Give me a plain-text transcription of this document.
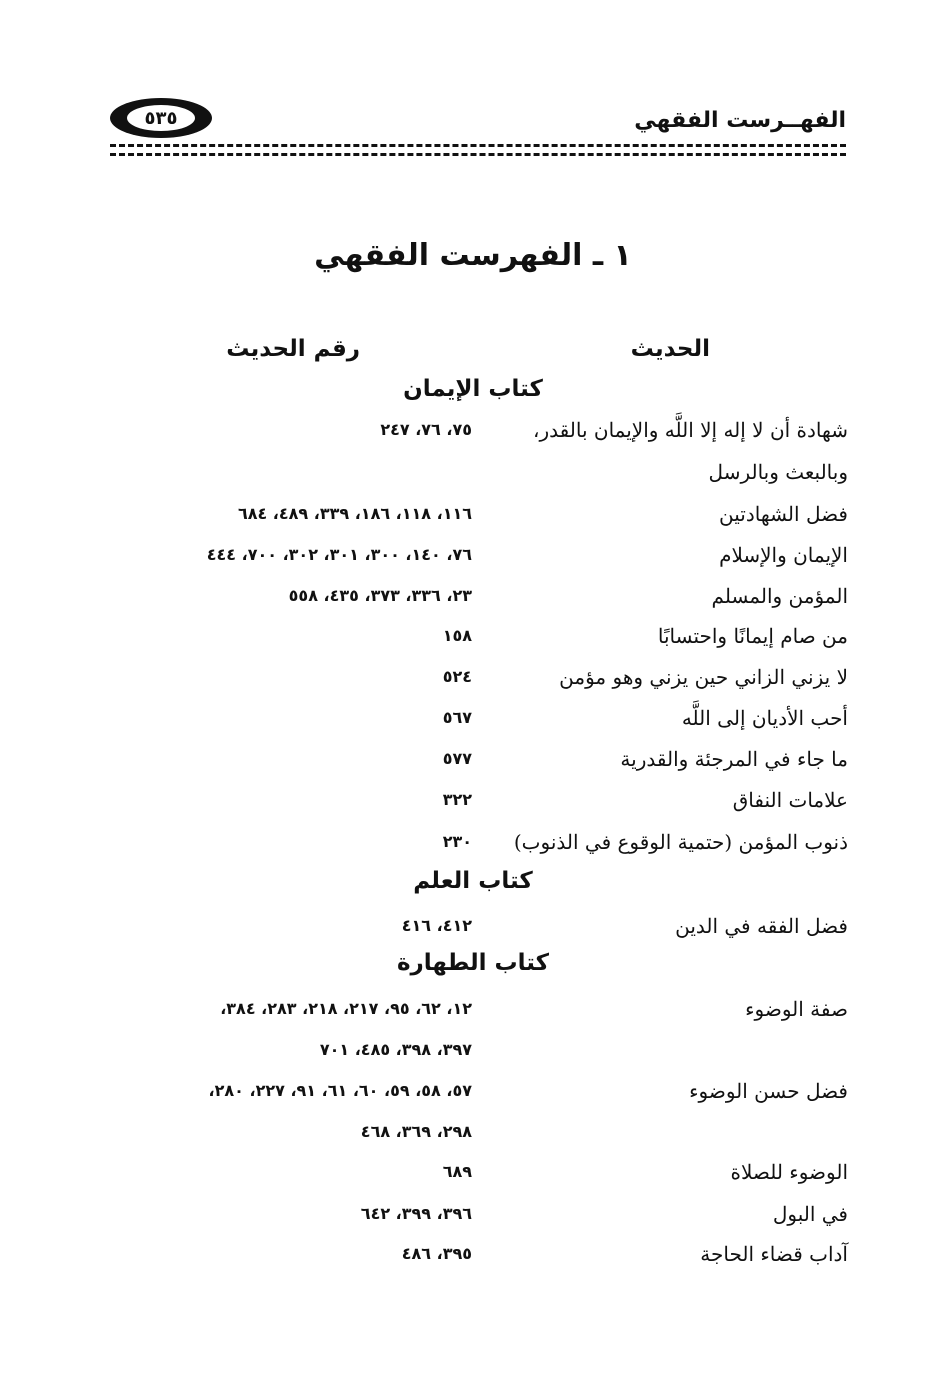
٥٣٥	الفهــرست الفقهي
١ ـ الفهرست الفقهي
الحديث
رقم الحديث
كتاب الإيمان
كتاب العلم
كتاب الطهارة
شهادة أن لا إله إلا اللَّه والإيمان بالقدر،
٧٥، ٧٦، ٢٤٧
وبالبعث وبالرسل
فضل الشهادتين
١١٦، ١١٨، ١٨٦، ٣٣٩، ٤٨٩، ٦٨٤
الإيمان والإسلام
٧٦، ١٤٠، ٣٠٠، ٣٠١، ٣٠٢، ٧٠٠، ٤٤٤
المؤمن والمسلم
٢٣، ٣٣٦، ٣٧٣، ٤٣٥، ٥٥٨
من صام إيمانًا واحتسابًا
١٥٨
لا يزني الزاني حين يزني وهو مؤمن
٥٢٤
أحب الأديان إلى اللَّه
٥٦٧
ما جاء في المرجئة والقدرية
٥٧٧
علامات النفاق
٣٢٢
ذنوب المؤمن (حتمية الوقوع في الذنوب)
٢٣٠
فضل الفقه في الدين
٤١٢، ٤١٦
صفة الوضوء
١٢، ٦٢، ٩٥، ٢١٧، ٢١٨، ٢٨٣، ٣٨٤،
٣٩٧، ٣٩٨، ٤٨٥، ٧٠١
فضل حسن الوضوء
٥٧، ٥٨، ٥٩، ٦٠، ٦١، ٩١، ٢٢٧، ٢٨٠،
٢٩٨، ٣٦٩، ٤٦٨
الوضوء للصلاة
٦٨٩
في البول
٣٩٦، ٣٩٩، ٦٤٢
آداب قضاء الحاجة
٣٩٥، ٤٨٦
